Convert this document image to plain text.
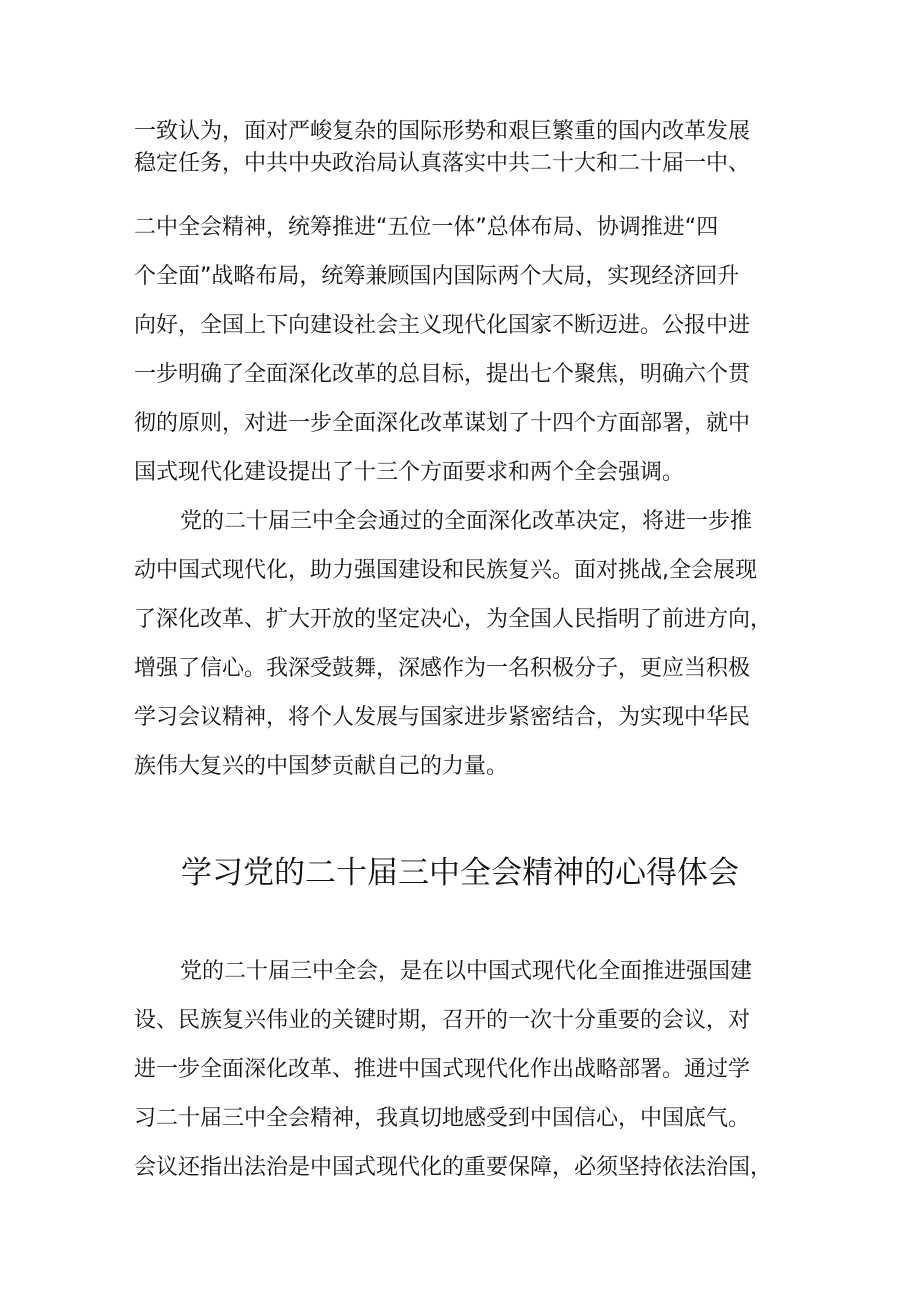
一致认为，面对严峻复杂的国际形势和艰巨繁重的国内改革发展
稳定任务，中共中央政治局认真落实中共二十大和二十届一中、
二中全会精神，统筹推进“五位一体”总体布局、协调推进“四
个全面”战略布局，统筹兼顾国内国际两个大局，实现经济回升
向好，全国上下向建设社会主义现代化国家不断迈进。公报中进
一步明确了全面深化改革的总目标，提出七个聚焦，明确六个贯
彻的原则，对进一步全面深化改革谋划了十四个方面部署，就中
国式现代化建设提出了十三个方面要求和两个全会强调。
党的二十届三中全会通过的全面深化改革决定，将进一步推
动中国式现代化，助力强国建设和民族复兴。面对挑战,全会展现
了深化改革、扩大开放的坚定决心，为全国人民指明了前进方向，
增强了信心。我深受鼓舞，深感作为一名积极分子，更应当积极
学习会议精神，将个人发展与国家进步紧密结合，为实现中华民
族伟大复兴的中国梦贡献自己的力量。
学习党的二十届三中全会精神的心得体会
党的二十届三中全会，是在以中国式现代化全面推进强国建
设、民族复兴伟业的关键时期，召开的一次十分重要的会议，对
进一步全面深化改革、推进中国式现代化作出战略部署。通过学
习二十届三中全会精神，我真切地感受到中国信心，中国底气。
会议还指出法治是中国式现代化的重要保障，必须坚持依法治国，
